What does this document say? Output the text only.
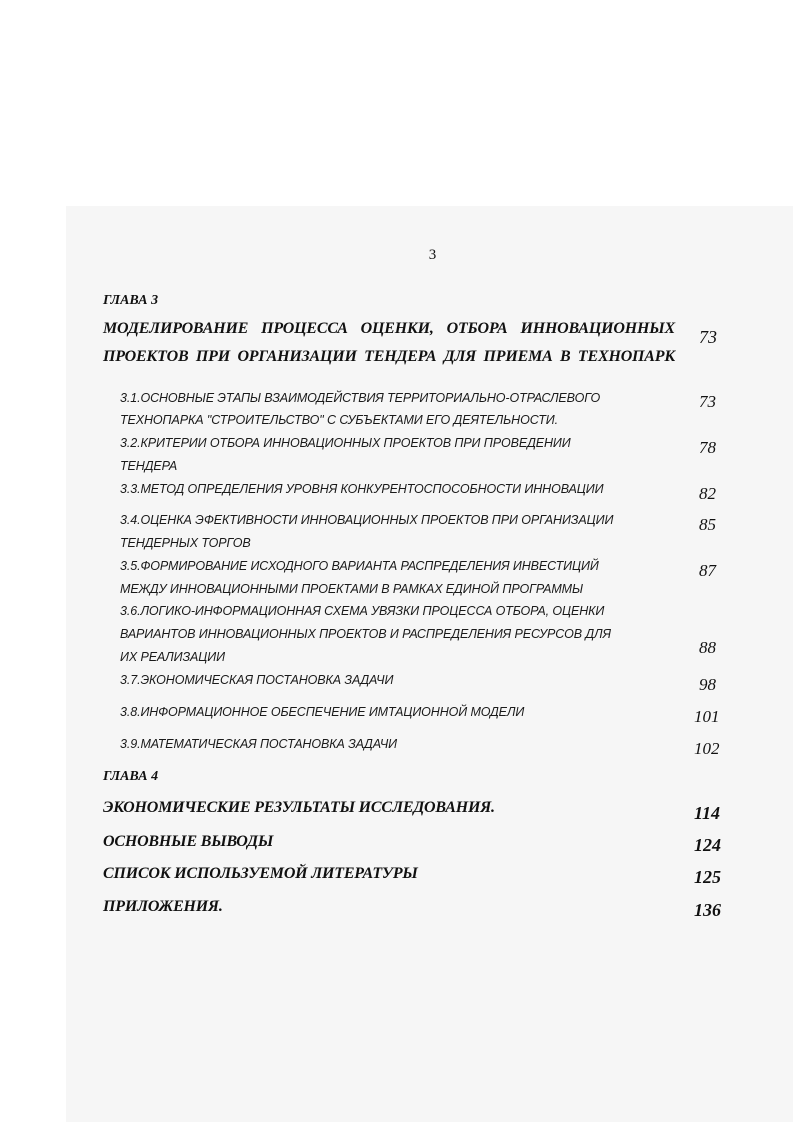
3
ГЛАВА 3
МОДЕЛИРОВАНИЕ ПРОЦЕССА ОЦЕНКИ, ОТБОРА ИННОВАЦИОННЫХ
ПРОЕКТОВ ПРИ ОРГАНИЗАЦИИ ТЕНДЕРА ДЛЯ ПРИЕМА В ТЕХНОПАРК
73
3.1.ОСНОВНЫЕ ЭТАПЫ ВЗАИМОДЕЙСТВИЯ ТЕРРИТОРИАЛЬНО-ОТРАСЛЕВОГО
ТЕХНОПАРКА "СТРОИТЕЛЬСТВО" С СУБЪЕКТАМИ ЕГО ДЕЯТЕЛЬНОСТИ.
73
3.2.КРИТЕРИИ ОТБОРА ИННОВАЦИОННЫХ ПРОЕКТОВ ПРИ ПРОВЕДЕНИИ
ТЕНДЕРА
78
3.3.МЕТОД ОПРЕДЕЛЕНИЯ УРОВНЯ КОНКУРЕНТОСПОСОБНОСТИ ИННОВАЦИИ	82
3.4.ОЦЕНКА ЭФЕКТИВНОСТИ ИННОВАЦИОННЫХ ПРОЕКТОВ ПРИ ОРГАНИЗАЦИИ
ТЕНДЕРНЫХ ТОРГОВ
85
3.5.ФОРМИРОВАНИЕ ИСХОДНОГО ВАРИАНТА РАСПРЕДЕЛЕНИЯ ИНВЕСТИЦИЙ
МЕЖДУ ИННОВАЦИОННЫМИ ПРОЕКТАМИ В РАМКАХ ЕДИНОЙ ПРОГРАММЫ
87
3.6.ЛОГИКО-ИНФОРМАЦИОННАЯ СХЕМА УВЯЗКИ ПРОЦЕССА ОТБОРА, ОЦЕНКИ
ВАРИАНТОВ ИННОВАЦИОННЫХ ПРОЕКТОВ И РАСПРЕДЕЛЕНИЯ РЕСУРСОВ ДЛЯ
ИХ РЕАЛИЗАЦИИ	88
3.7.ЭКОНОМИЧЕСКАЯ ПОСТАНОВКА ЗАДАЧИ	98
3.8.ИНФОРМАЦИОННОЕ ОБЕСПЕЧЕНИЕ ИМТАЦИОННОЙ МОДЕЛИ	101
3.9.МАТЕМАТИЧЕСКАЯ ПОСТАНОВКА ЗАДАЧИ	102
ГЛАВА 4
ЭКОНОМИЧЕСКИЕ РЕЗУЛЬТАТЫ ИССЛЕДОВАНИЯ.	114
ОСНОВНЫЕ ВЫВОДЫ	124
СПИСОК ИСПОЛЬЗУЕМОЙ ЛИТЕРАТУРЫ	125
ПРИЛОЖЕНИЯ.	136
